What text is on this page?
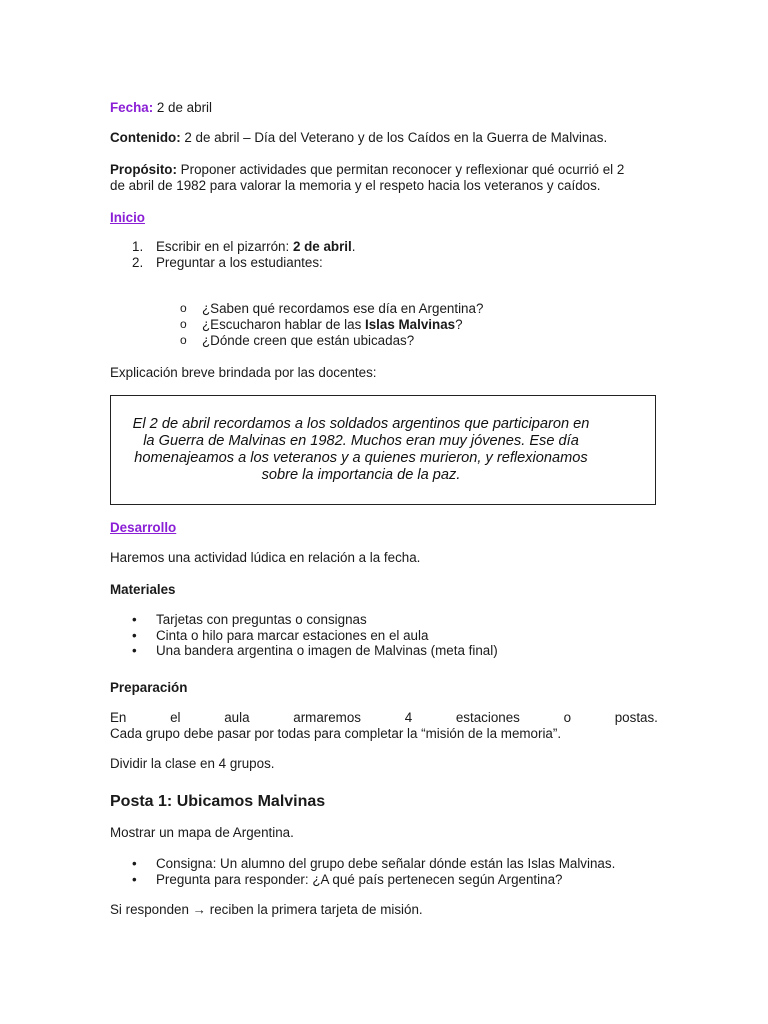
Fecha: 2 de abril
Contenido: 2 de abril – Día del Veterano y de los Caídos en la Guerra de Malvinas.
Propósito: Proponer actividades que permitan reconocer y reflexionar qué ocurrió el 2
de abril de 1982 para valorar la memoria y el respeto hacia los veteranos y caídos.
Inicio
1. Escribir en el pizarrón: 2 de abril.
2. Preguntar a los estudiantes:
o ¿Saben qué recordamos ese día en Argentina?
o ¿Escucharon hablar de las Islas Malvinas?
o ¿Dónde creen que están ubicadas?
Explicación breve brindada por las docentes:
El 2 de abril recordamos a los soldados argentinos que participaron en
la Guerra de Malvinas en 1982. Muchos eran muy jóvenes. Ese día
homenajeamos a los veteranos y a quienes murieron, y reflexionamos
sobre la importancia de la paz.
Desarrollo
Haremos una actividad lúdica en relación a la fecha.
Materiales
• Tarjetas con preguntas o consignas
• Cinta o hilo para marcar estaciones en el aula
• Una bandera argentina o imagen de Malvinas (meta final)
Preparación
En	el	aula	armaremos	4	estaciones	o	postas.
Cada grupo debe pasar por todas para completar la “misión de la memoria”.
Dividir la clase en 4 grupos.
Posta 1: Ubicamos Malvinas
Mostrar un mapa de Argentina.
• Consigna: Un alumno del grupo debe señalar dónde están las Islas Malvinas.
• Pregunta para responder: ¿A qué país pertenecen según Argentina?
Si responden → reciben la primera tarjeta de misión.
